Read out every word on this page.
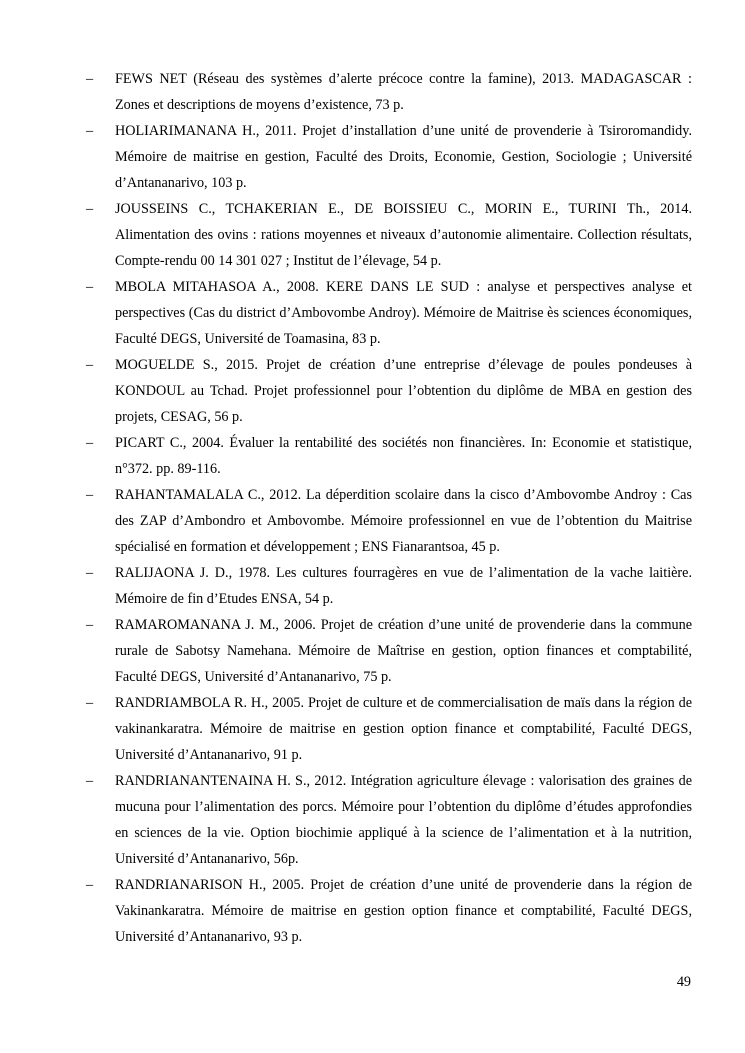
–	FEWS NET (Réseau des systèmes d’alerte précoce contre la famine), 2013. MADAGASCAR : Zones et descriptions de moyens d’existence, 73 p.
–	HOLIARIMANANA H., 2011. Projet d’installation d’une unité de provenderie à Tsiroromandidy. Mémoire de maitrise en gestion, Faculté des Droits, Economie, Gestion, Sociologie ; Université d’Antananarivo, 103 p.
–	JOUSSEINS C., TCHAKERIAN E., DE BOISSIEU C., MORIN E., TURINI Th., 2014. Alimentation des ovins : rations moyennes et niveaux d’autonomie alimentaire. Collection résultats, Compte-rendu 00 14 301 027 ; Institut de l’élevage, 54 p.
–	MBOLA MITAHASOA A., 2008. KERE DANS LE SUD : analyse et perspectives analyse et perspectives (Cas du district d’Ambovombe Androy). Mémoire de Maitrise ès sciences économiques, Faculté DEGS, Université de Toamasina, 83 p.
–	MOGUELDE S., 2015. Projet de création d’une entreprise d’élevage de poules pondeuses à KONDOUL au Tchad. Projet professionnel pour l’obtention du diplôme de MBA en gestion des projets, CESAG, 56 p.
–	PICART C., 2004. Évaluer la rentabilité des sociétés non financières. In: Economie et statistique, n°372. pp. 89-116.
–	RAHANTAMALALA C., 2012. La déperdition scolaire dans la cisco d’Ambovombe Androy : Cas des ZAP d’Ambondro et Ambovombe. Mémoire professionnel en vue de l’obtention du Maitrise spécialisé en formation et développement ; ENS Fianarantsoa, 45 p.
–	RALIJAONA J. D., 1978. Les cultures fourragères en vue de l’alimentation de la vache laitière. Mémoire de fin d’Etudes ENSA, 54 p.
–	RAMAROMANANA J. M., 2006. Projet de création d’une unité de provenderie dans la commune rurale de Sabotsy Namehana. Mémoire de Maîtrise en gestion, option finances et comptabilité, Faculté DEGS, Université d’Antananarivo, 75 p.
–	RANDRIAMBOLA R. H., 2005. Projet de culture et de commercialisation de maïs dans la région de vakinankaratra. Mémoire de maitrise en gestion option finance et comptabilité, Faculté DEGS, Université d’Antananarivo, 91 p.
–	RANDRIANANTENAINA H. S., 2012. Intégration agriculture élevage : valorisation des graines de mucuna pour l’alimentation des porcs. Mémoire pour l’obtention du diplôme d’études approfondies en sciences de la vie. Option biochimie appliqué à la science de l’alimentation et à la nutrition, Université d’Antananarivo, 56p.
–	RANDRIANARISON H., 2005. Projet de création d’une unité de provenderie dans la région de Vakinankaratra. Mémoire de maitrise en gestion option finance et comptabilité, Faculté DEGS, Université d’Antananarivo, 93 p.
49
